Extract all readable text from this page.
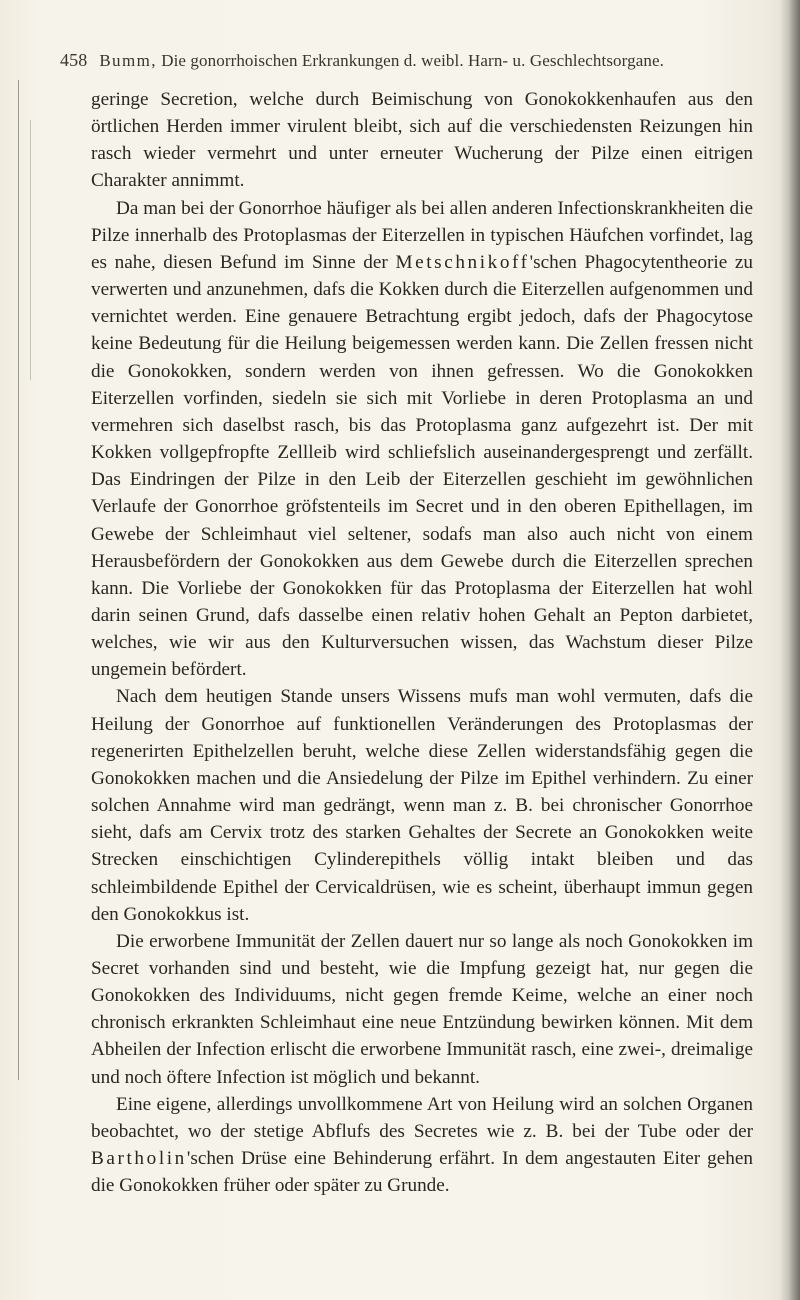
458 Bumm, Die gonorrhoischen Erkrankungen d. weibl. Harn- u. Geschlechtsorgane.

geringe Secretion, welche durch Beimischung von Gonokokkenhaufen aus den örtlichen Herden immer virulent bleibt, sich auf die verschiedensten Reizungen hin rasch wieder vermehrt und unter erneuter Wucherung der Pilze einen eitrigen Charakter annimmt.

Da man bei der Gonorrhoe häufiger als bei allen anderen Infectionskrankheiten die Pilze innerhalb des Protoplasmas der Eiterzellen in typischen Häufchen vorfindet, lag es nahe, diesen Befund im Sinne der Metschnikoff'schen Phagocytentheorie zu verwerten und anzunehmen, dafs die Kokken durch die Eiterzellen aufgenommen und vernichtet werden. Eine genauere Betrachtung ergibt jedoch, dafs der Phagocytose keine Bedeutung für die Heilung beigemessen werden kann. Die Zellen fressen nicht die Gonokokken, sondern werden von ihnen gefressen. Wo die Gonokokken Eiterzellen vorfinden, siedeln sie sich mit Vorliebe in deren Protoplasma an und vermehren sich daselbst rasch, bis das Protoplasma ganz aufgezehrt ist. Der mit Kokken vollgepfropfte Zellleib wird schliefslich auseinandergesprengt und zerfällt. Das Eindringen der Pilze in den Leib der Eiterzellen geschieht im gewöhnlichen Verlaufe der Gonorrhoe gröfstenteils im Secret und in den oberen Epithellagen, im Gewebe der Schleimhaut viel seltener, sodafs man also auch nicht von einem Herausbefördern der Gonokokken aus dem Gewebe durch die Eiterzellen sprechen kann. Die Vorliebe der Gonokokken für das Protoplasma der Eiterzellen hat wohl darin seinen Grund, dafs dasselbe einen relativ hohen Gehalt an Pepton darbietet, welches, wie wir aus den Kulturversuchen wissen, das Wachstum dieser Pilze ungemein befördert.

Nach dem heutigen Stande unsers Wissens mufs man wohl vermuten, dafs die Heilung der Gonorrhoe auf funktionellen Veränderungen des Protoplasmas der regenerirten Epithelzellen beruht, welche diese Zellen widerstandsfähig gegen die Gonokokken machen und die Ansiedelung der Pilze im Epithel verhindern. Zu einer solchen Annahme wird man gedrängt, wenn man z. B. bei chronischer Gonorrhoe sieht, dafs am Cervix trotz des starken Gehaltes der Secrete an Gonokokken weite Strecken einschichtigen Cylinderepithels völlig intakt bleiben und das schleimbildende Epithel der Cervicaldrüsen, wie es scheint, überhaupt immun gegen den Gonokokkus ist.

Die erworbene Immunität der Zellen dauert nur so lange als noch Gonokokken im Secret vorhanden sind und besteht, wie die Impfung gezeigt hat, nur gegen die Gonokokken des Individuums, nicht gegen fremde Keime, welche an einer noch chronisch erkrankten Schleimhaut eine neue Entzündung bewirken können. Mit dem Abheilen der Infection erlischt die erworbene Immunität rasch, eine zwei-, dreimalige und noch öftere Infection ist möglich und bekannt.

Eine eigene, allerdings unvollkommene Art von Heilung wird an solchen Organen beobachtet, wo der stetige Abflufs des Secretes wie z. B. bei der Tube oder der Bartholin'schen Drüse eine Behinderung erfährt. In dem angestauten Eiter gehen die Gonokokken früher oder später zu Grunde.
